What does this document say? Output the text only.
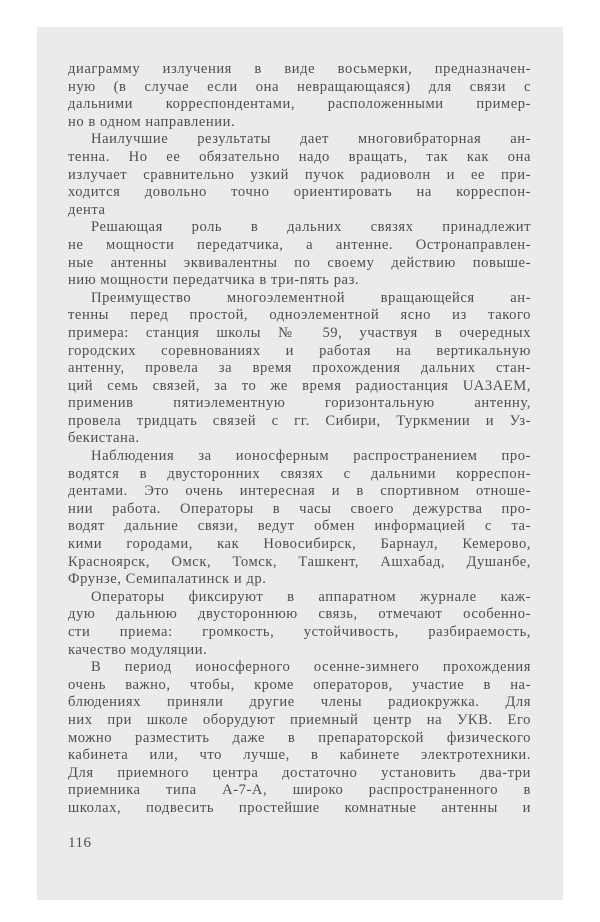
диаграмму излучения в виде восьмерки, предназначен-
ную (в случае если она невращающаяся) для связи с
дальними корреспондентами, расположенными пример-
но в одном направлении.
Наилучшие результаты дает многовибраторная ан-
тенна. Но ее обязательно надо вращать, так как она
излучает сравнительно узкий пучок радиоволн и ее при-
ходится довольно точно ориентировать на корреспон-
дента
Решающая роль в дальних связях принадлежит
не мощности передатчика, а антенне. Остронаправлен-
ные антенны эквивалентны по своему действию повыше-
нию мощности передатчика в три-пять раз.
Преимущество многоэлементной вращающейся ан-
тенны перед простой, одноэлементной ясно из такого
примера: станция школы № 59, участвуя в очередных
городских соревнованиях и работая на вертикальную
антенну, провела за время прохождения дальних стан-
ций семь связей, за то же время радиостанция UA3AEM,
применив пятиэлементную горизонтальную антенну,
провела тридцать связей с гг. Сибири, Туркмении и Уз-
бекистана.
Наблюдения за ионосферным распространением про-
водятся в двусторонних связях с дальними корреспон-
дентами. Это очень интересная и в спортивном отноше-
нии работа. Операторы в часы своего дежурства про-
водят дальние связи, ведут обмен информацией с та-
кими городами, как Новосибирск, Барнаул, Кемерово,
Красноярск, Омск, Томск, Ташкент, Ашхабад, Душанбе,
Фрунзе, Семипалатинск и др.
Операторы фиксируют в аппаратном журнале каж-
дую дальнюю двустороннюю связь, отмечают особенно-
сти приема: громкость, устойчивость, разбираемость,
качество модуляции.
В период ионосферного осенне-зимнего прохождения
очень важно, чтобы, кроме операторов, участие в на-
блюдениях приняли другие члены радиокружка. Для
них при школе оборудуют приемный центр на УКВ. Его
можно разместить даже в препараторской физического
кабинета или, что лучше, в кабинете электротехники.
Для приемного центра достаточно установить два-три
приемника типа А-7-А, широко распространенного в
школах, подвесить простейшие комнатные антенны и
116
